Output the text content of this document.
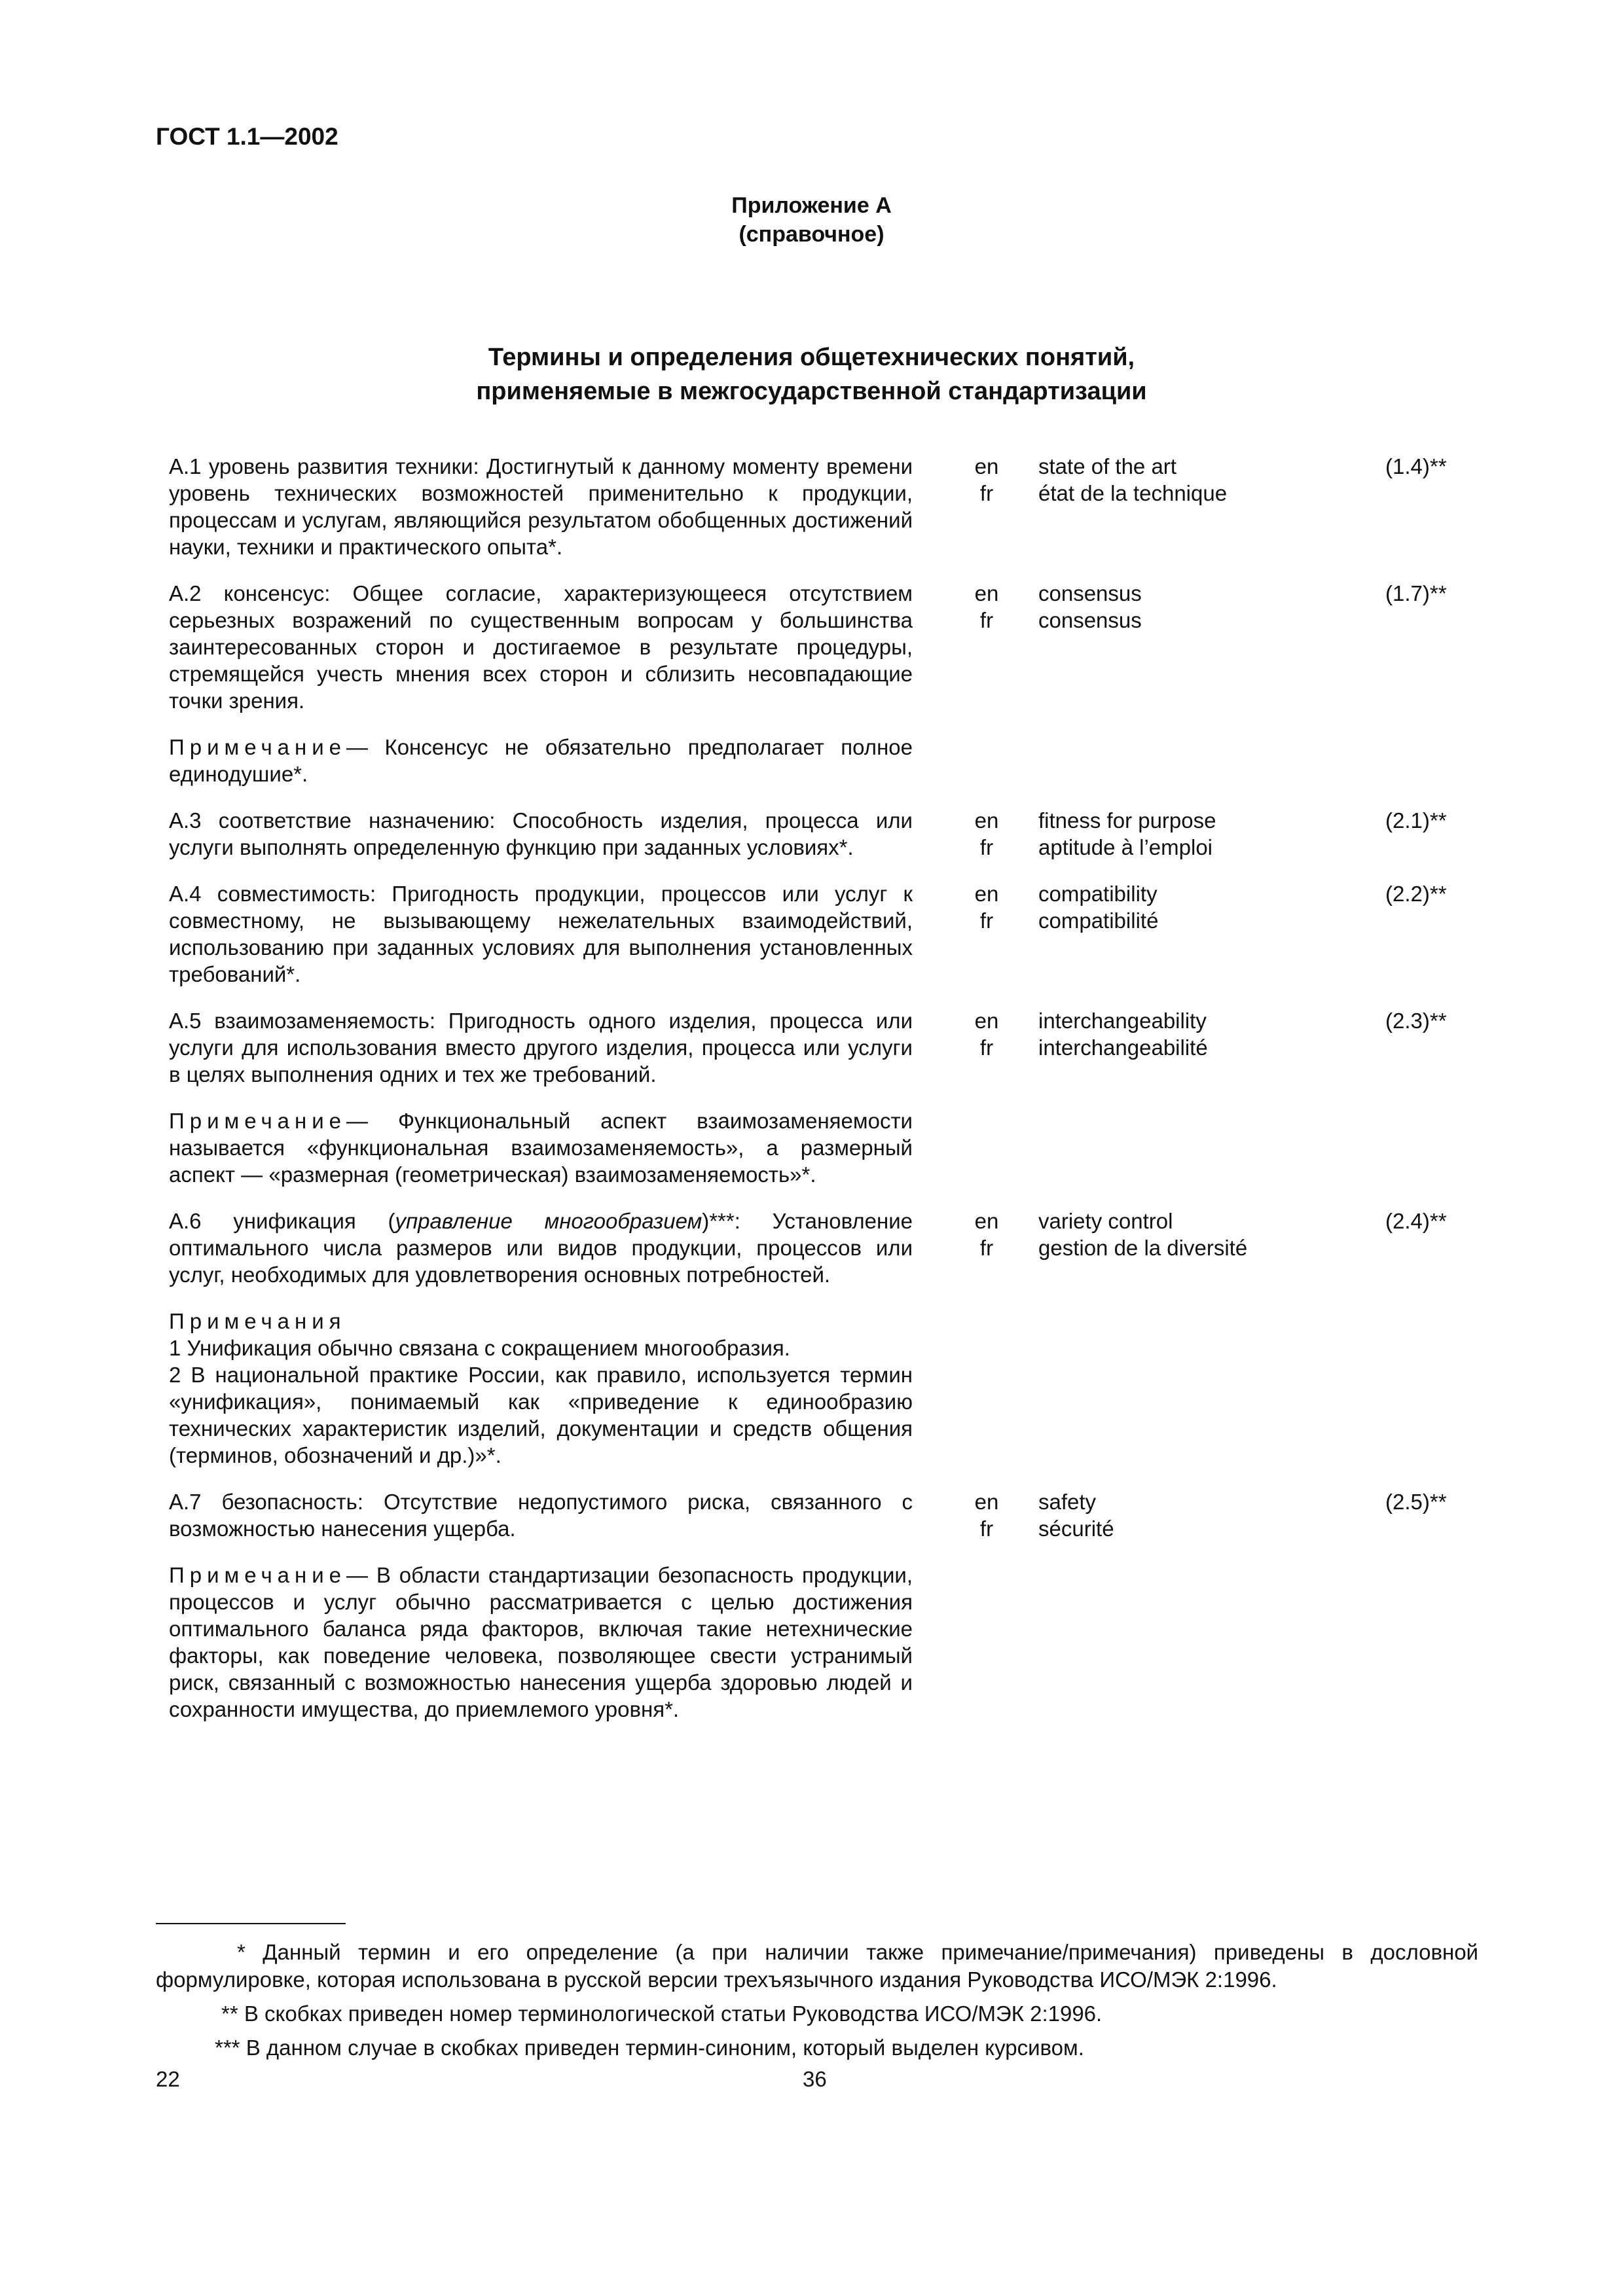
ГОСТ 1.1—2002
Приложение А
(справочное)
Термины и определения общетехнических понятий,
применяемые в межгосударственной стандартизации
А.1 уровень развития техники: Достигнутый к данному моменту времени уровень технических возможностей применительно к продукции, процессам и услугам, являющийся результатом обобщенных достижений науки, техники и практического опыта*.
en
fr
state of the art
état de la technique
(1.4)**
А.2 консенсус: Общее согласие, характеризующееся отсутствием серьезных возражений по существенным вопросам у большинства заинтересованных сторон и достигаемое в результате процедуры, стремящейся учесть мнения всех сторон и сблизить несовпадающие точки зрения.
en
fr
consensus
consensus
(1.7)**
Примечание— Консенсус не обязательно предполагает полное единодушие*.
А.3 соответствие назначению: Способность изделия, процесса или услуги выполнять определенную функцию при заданных условиях*.
en
fr
fitness for purpose
aptitude à l’emploi
(2.1)**
А.4 совместимость: Пригодность продукции, процессов или услуг к совместному, не вызывающему нежелательных взаимодействий, использованию при заданных условиях для выполнения установленных требований*.
en
fr
compatibility
compatibilité
(2.2)**
А.5 взаимозаменяемость: Пригодность одного изделия, процесса или услуги для использования вместо другого изделия, процесса или услуги в целях выполнения одних и тех же требований.
en
fr
interchangeability
interchangeabilité
(2.3)**
Примечание— Функциональный аспект взаимозаменяемости называется «функциональная взаимозаменяемость», а размерный аспект — «размерная (геометрическая) взаимозаменяемость»*.
А.6 унификация (управление многообразием)***: Установление оптимального числа размеров или видов продукции, процессов или услуг, необходимых для удовлетворения основных потребностей.
en
fr
variety control
gestion de la diversité
(2.4)**
Примечания
1 Унификация обычно связана с сокращением многообразия.
2 В национальной практике России, как правило, используется термин «унификация», понимаемый как «приведение к единообразию технических характеристик изделий, документации и средств общения (терминов, обозначений и др.)»*.
А.7 безопасность: Отсутствие недопустимого риска, связанного с возможностью нанесения ущерба.
en
fr
safety
sécurité
(2.5)**
Примечание— В области стандартизации безопасность продукции, процессов и услуг обычно рассматривается с целью достижения оптимального баланса ряда факторов, включая такие нетехнические факторы, как поведение человека, позволяющее свести устранимый риск, связанный с возможностью нанесения ущерба здоровью людей и сохранности имущества, до приемлемого уровня*.

* Данный термин и его определение (а при наличии также примечание/примечания) приведены в дословной формулировке, которая использована в русской версии трехъязычного издания Руководства ИСО/МЭК 2:1996.

** В скобках приведен номер терминологической статьи Руководства ИСО/МЭК 2:1996.

*** В данном случае в скобках приведен термин-синоним, который выделен курсивом.

22	36
